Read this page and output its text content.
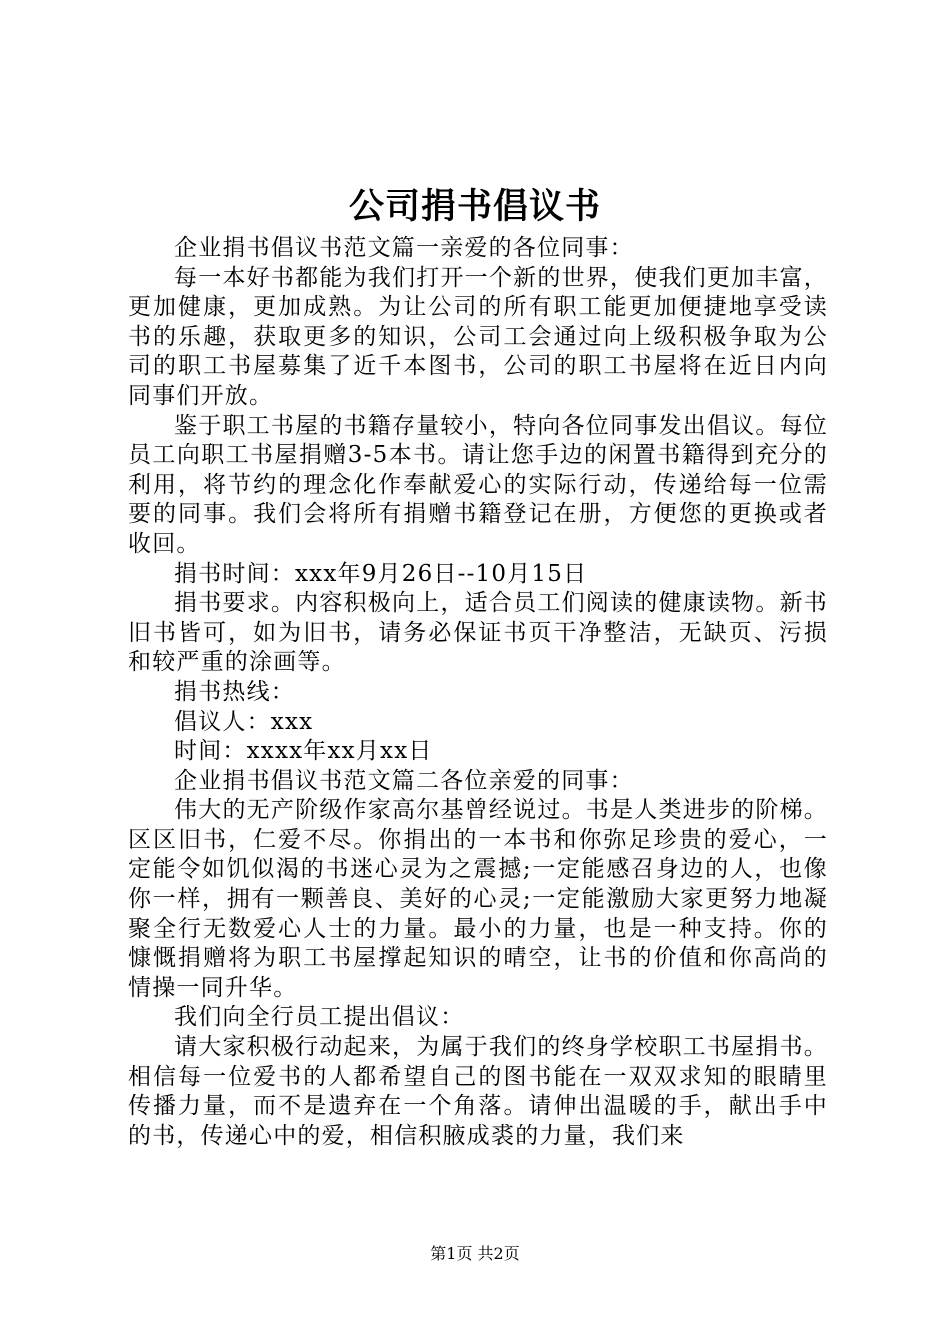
公司捐书倡议书

企业捐书倡议书范文篇一亲爱的各位同事：

每一本好书都能为我们打开一个新的世界，使我们更加丰富，更加健康，更加成熟。为让公司的所有职工能更加便捷地享受读书的乐趣，获取更多的知识，公司工会通过向上级积极争取为公司的职工书屋募集了近千本图书，公司的职工书屋将在近日内向同事们开放。

鉴于职工书屋的书籍存量较小，特向各位同事发出倡议。每位员工向职工书屋捐赠3-5本书。请让您手边的闲置书籍得到充分的利用，将节约的理念化作奉献爱心的实际行动，传递给每一位需要的同事。我们会将所有捐赠书籍登记在册，方便您的更换或者收回。

捐书时间：xxx年9月26日--10月15日

捐书要求。内容积极向上，适合员工们阅读的健康读物。新书旧书皆可，如为旧书，请务必保证书页干净整洁，无缺页、污损和较严重的涂画等。

捐书热线：

倡议人：xxx

时间：xxxx年xx月xx日

企业捐书倡议书范文篇二各位亲爱的同事：

伟大的无产阶级作家高尔基曾经说过。书是人类进步的阶梯。区区旧书，仁爱不尽。你捐出的一本书和你弥足珍贵的爱心，一定能令如饥似渴的书迷心灵为之震撼;一定能感召身边的人，也像你一样，拥有一颗善良、美好的心灵;一定能激励大家更努力地凝聚全行无数爱心人士的力量。最小的力量，也是一种支持。你的慷慨捐赠将为职工书屋撑起知识的晴空，让书的价值和你高尚的情操一同升华。

我们向全行员工提出倡议：

请大家积极行动起来，为属于我们的终身学校职工书屋捐书。相信每一位爱书的人都希望自己的图书能在一双双求知的眼睛里传播力量，而不是遗弃在一个角落。请伸出温暖的手，献出手中的书，传递心中的爱，相信积腋成裘的力量，我们来

第1页 共2页
